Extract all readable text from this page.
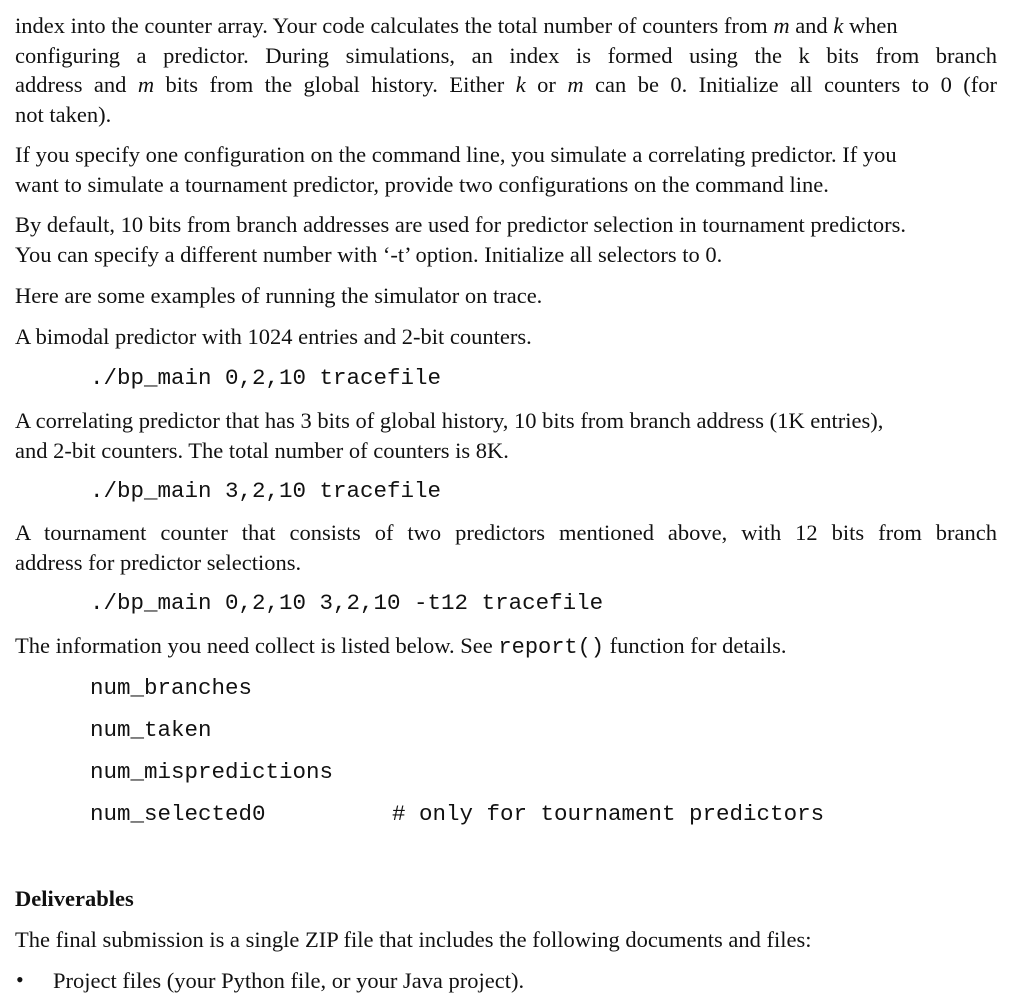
index into the counter array. Your code calculates the total number of counters from m and k when
configuring a predictor. During simulations, an index is formed using the k bits from branch
address and m bits from the global history. Either k or m can be 0. Initialize all counters to 0 (for
not taken).

If you specify one configuration on the command line, you simulate a correlating predictor. If you
want to simulate a tournament predictor, provide two configurations on the command line.

By default, 10 bits from branch addresses are used for predictor selection in tournament predictors.
You can specify a different number with ‘-t’ option. Initialize all selectors to 0.

Here are some examples of running the simulator on trace.

A bimodal predictor with 1024 entries and 2-bit counters.

./bp_main 0,2,10 tracefile

A correlating predictor that has 3 bits of global history, 10 bits from branch address (1K entries),
and 2-bit counters. The total number of counters is 8K.

./bp_main 3,2,10 tracefile

A tournament counter that consists of two predictors mentioned above, with 12 bits from branch
address for predictor selections.

./bp_main 0,2,10 3,2,10 -t12 tracefile

The information you need collect is listed below. See report() function for details.

num_branches
num_taken
num_mispredictions
num_selected0	# only for tournament predictors

Deliverables

The final submission is a single ZIP file that includes the following documents and files:

• Project files (your Python file, or your Java project).
